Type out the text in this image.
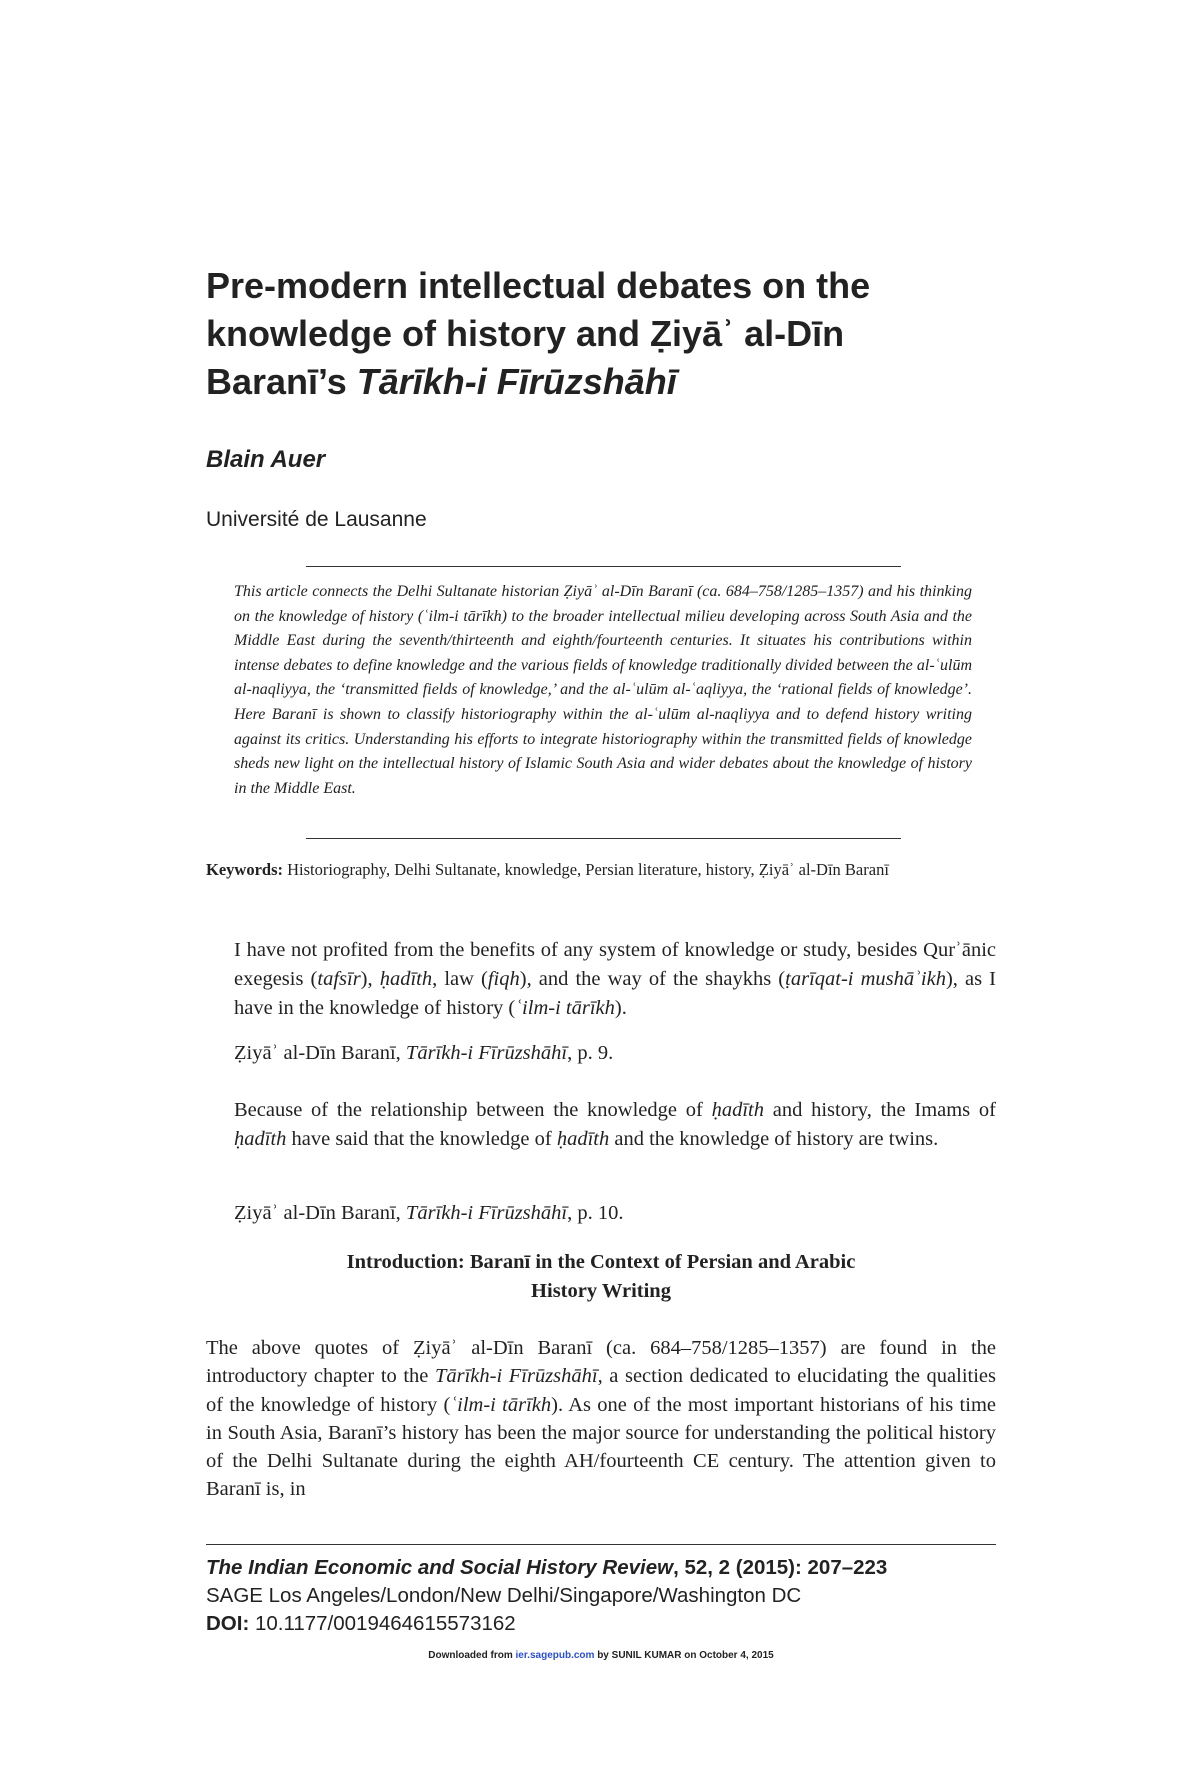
Pre-modern intellectual debates on the
knowledge of history and Ẓiyāʾ al-Dīn
Baranī’s Tārīkh-i Fīrūzshāhī
Blain Auer
Université de Lausanne

This article connects the Delhi Sultanate historian Ẓiyāʾ al-Dīn Baranī (ca. 684–758/1285–1357) and his thinking on the knowledge of history (ʿilm-i tārīkh) to the broader intellectual milieu developing across South Asia and the Middle East during the seventh/thirteenth and eighth/fourteenth centuries. It situates his contributions within intense debates to define knowledge and the various fields of knowledge traditionally divided between the al-ʿulūm al-naqliyya, the ‘transmitted fields of knowledge,’ and the al-ʿulūm al-ʿaqliyya, the ‘rational fields of knowledge’. Here Baranī is shown to classify historiography within the al-ʿulūm al-naqliyya and to defend history writing against its critics. Understanding his efforts to integrate historiography within the transmitted fields of knowledge sheds new light on the intellectual history of Islamic South Asia and wider debates about the knowledge of history in the Middle East.

Keywords: Historiography, Delhi Sultanate, knowledge, Persian literature, history, Ẓiyāʾ al-Dīn Baranī

I have not profited from the benefits of any system of knowledge or study, besides Qurʾānic exegesis (tafsīr), ḥadīth, law (fiqh), and the way of the shaykhs (ṭarīqat-i mushāʾikh), as I have in the knowledge of history (ʿilm-i tārīkh).

Ẓiyāʾ al-Dīn Baranī, Tārīkh-i Fīrūzshāhī, p. 9.

Because of the relationship between the knowledge of ḥadīth and history, the Imams of ḥadīth have said that the knowledge of ḥadīth and the knowledge of history are twins.

Ẓiyāʾ al-Dīn Baranī, Tārīkh-i Fīrūzshāhī, p. 10.
Introduction: Baranī in the Context of Persian and Arabic
History Writing

The above quotes of Ẓiyāʾ al-Dīn Baranī (ca. 684–758/1285–1357) are found in the introductory chapter to the Tārīkh-i Fīrūzshāhī, a section dedicated to elucidating the qualities of the knowledge of history (ʿilm-i tārīkh). As one of the most important historians of his time in South Asia, Baranī’s history has been the major source for understanding the political history of the Delhi Sultanate during the eighth AH/fourteenth CE century. The attention given to Baranī is, in

The Indian Economic and Social History Review, 52, 2 (2015): 207–223
SAGE Los Angeles/London/New Delhi/Singapore/Washington DC
DOI: 10.1177/0019464615573162
Downloaded from ier.sagepub.com by SUNIL KUMAR on October 4, 2015
